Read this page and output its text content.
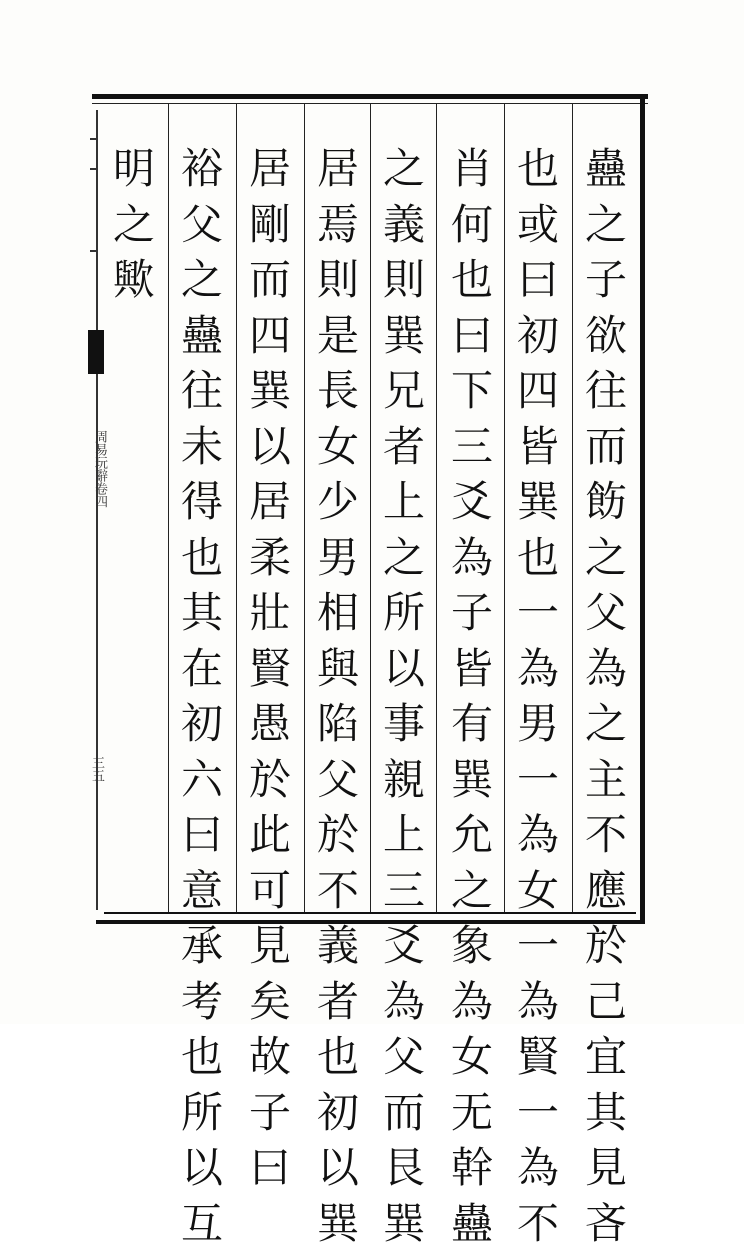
周易玩辭卷四
三五
蠱
之
子
欲
往
而
飭
之
父
為
之
主
不
應
於
己
宜
其
見
吝
也
或
曰
初
四
皆
巽
也
一
為
男
一
為
女
一
為
賢
一
為
不
肖
何
也
曰
下
三
爻
為
子
皆
有
巽
允
之
象
為
女
无
幹
蠱
之
義
則
巽
兄
者
上
之
所
以
事
親
上
三
爻
為
父
而
艮
巽
居
焉
則
是
長
女
少
男
相
與
陷
父
於
不
義
者
也
初
以
巽
居
剛
而
四
巽
以
居
柔
壯
賢
愚
於
此
可
見
矣
故
子
曰
裕
父
之
蠱
往
未
得
也
其
在
初
六
曰
意
承
考
也
所
以
互
明
之
歟
